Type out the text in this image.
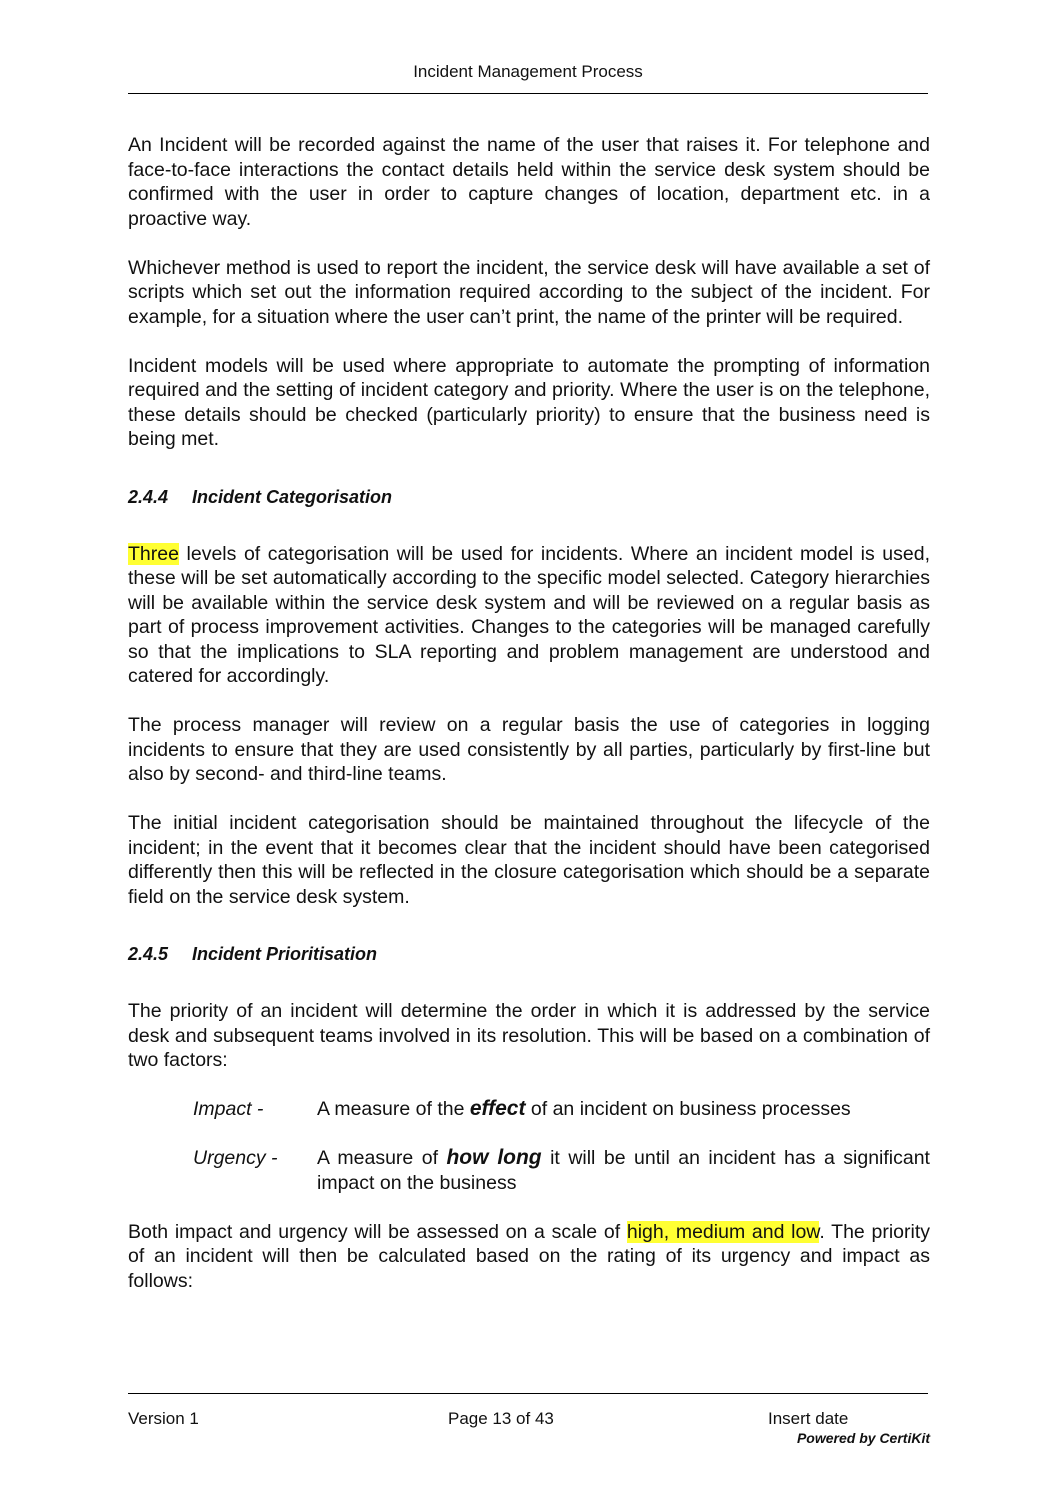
Incident Management Process

An Incident will be recorded against the name of the user that raises it. For telephone and face-to-face interactions the contact details held within the service desk system should be confirmed with the user in order to capture changes of location, department etc. in a proactive way.

Whichever method is used to report the incident, the service desk will have available a set of scripts which set out the information required according to the subject of the incident. For example, for a situation where the user can’t print, the name of the printer will be required.

Incident models will be used where appropriate to automate the prompting of information required and the setting of incident category and priority. Where the user is on the telephone, these details should be checked (particularly priority) to ensure that the business need is being met.

2.4.4 Incident Categorisation

Three levels of categorisation will be used for incidents. Where an incident model is used, these will be set automatically according to the specific model selected. Category hierarchies will be available within the service desk system and will be reviewed on a regular basis as part of process improvement activities. Changes to the categories will be managed carefully so that the implications to SLA reporting and problem management are understood and catered for accordingly.

The process manager will review on a regular basis the use of categories in logging incidents to ensure that they are used consistently by all parties, particularly by first-line but also by second- and third-line teams.

The initial incident categorisation should be maintained throughout the lifecycle of the incident; in the event that it becomes clear that the incident should have been categorised differently then this will be reflected in the closure categorisation which should be a separate field on the service desk system.

2.4.5 Incident Prioritisation

The priority of an incident will determine the order in which it is addressed by the service desk and subsequent teams involved in its resolution. This will be based on a combination of two factors:

Impact -	A measure of the effect of an incident on business processes
Urgency -	A measure of how long it will be until an incident has a significant impact on the business

Both impact and urgency will be assessed on a scale of high, medium and low. The priority of an incident will then be calculated based on the rating of its urgency and impact as follows:

Version 1	Page 13 of 43	Insert date
Powered by CertiKit
